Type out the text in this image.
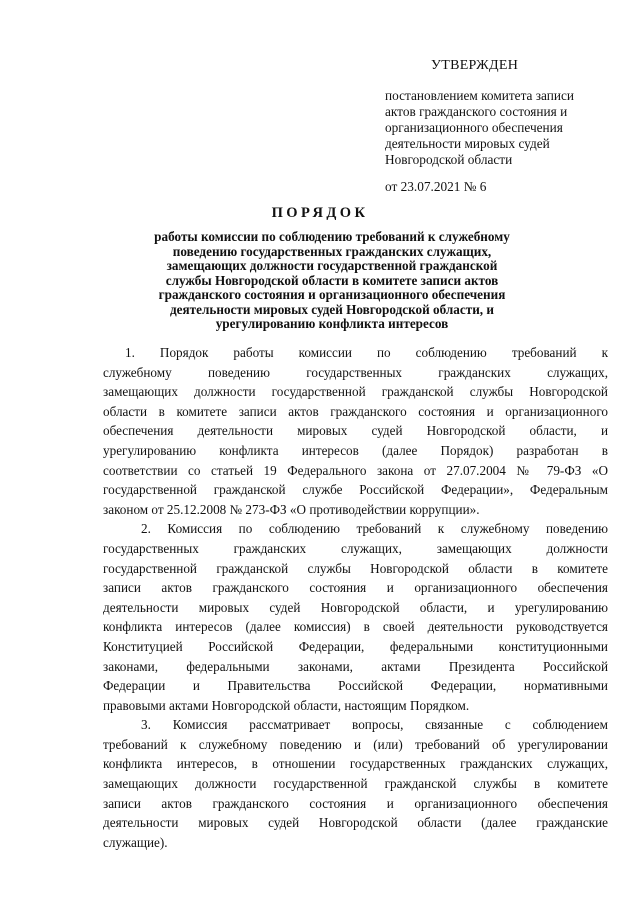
УТВЕРЖДЕН
постановлением комитета записи
актов гражданского состояния и
организационного обеспечения
деятельности мировых судей
Новгородской области
от 23.07.2021 № 6
ПОРЯДОК
работы комиссии по соблюдению требований к служебному
поведению государственных гражданских служащих,
замещающих должности государственной гражданской
службы Новгородской области в комитете записи актов
гражданского состояния и организационного обеспечения
деятельности мировых судей Новгородской области, и
урегулированию конфликта интересов
1. Порядок работы комиссии по соблюдению требований к
служебному поведению государственных гражданских служащих,
замещающих должности государственной гражданской службы Новгородской
области в комитете записи актов гражданского состояния и организационного
обеспечения деятельности мировых судей Новгородской области, и
урегулированию конфликта интересов (далее Порядок) разработан в
соответствии со статьей 19 Федерального закона от 27.07.2004 № 79-ФЗ «О
государственной гражданской службе Российской Федерации», Федеральным
законом от 25.12.2008 № 273-ФЗ «О противодействии коррупции».
2. Комиссия по соблюдению требований к служебному поведению
государственных гражданских служащих, замещающих должности
государственной гражданской службы Новгородской области в комитете
записи актов гражданского состояния и организационного обеспечения
деятельности мировых судей Новгородской области, и урегулированию
конфликта интересов (далее комиссия) в своей деятельности руководствуется
Конституцией Российской Федерации, федеральными конституционными
законами, федеральными законами, актами Президента Российской
Федерации и Правительства Российской Федерации, нормативными
правовыми актами Новгородской области, настоящим Порядком.
3. Комиссия рассматривает вопросы, связанные с соблюдением
требований к служебному поведению и (или) требований об урегулировании
конфликта интересов, в отношении государственных гражданских служащих,
замещающих должности государственной гражданской службы в комитете
записи актов гражданского состояния и организационного обеспечения
деятельности мировых судей Новгородской области (далее гражданские
служащие).
